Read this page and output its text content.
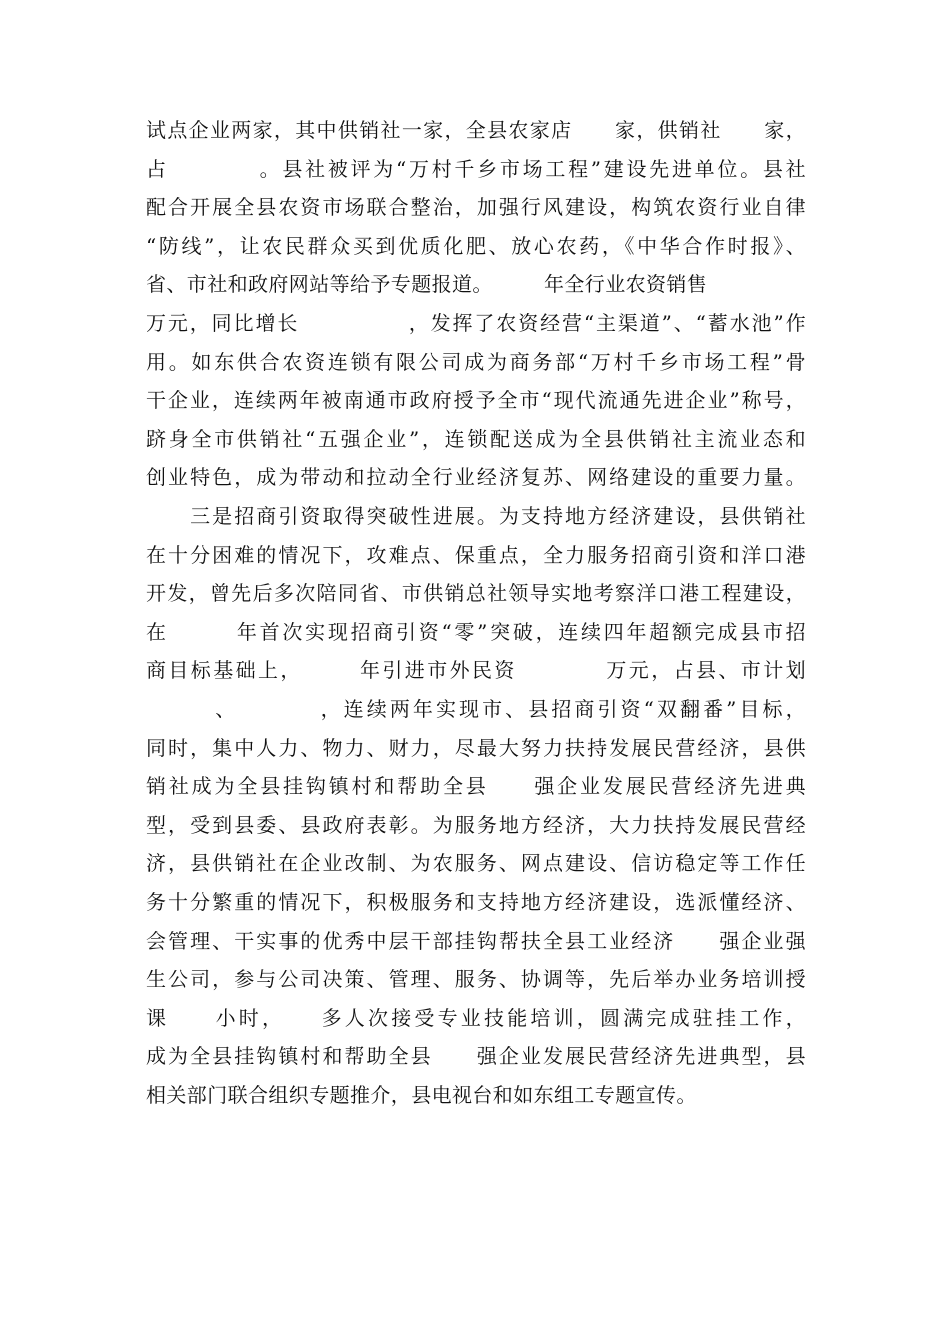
试点企业两家，其中供销社一家，全县农家店　　家，供销社　　家，
占　　　　。县社被评为“万村千乡市场工程”建设先进单位。县社
配合开展全县农资市场联合整治，加强行风建设，构筑农资行业自律
“防线”，让农民群众买到优质化肥、放心农药，《中华合作时报》、
省、市社和政府网站等给予专题报道。　　　年全行业农资销售
万元，同比增长　　　　　，发挥了农资经营“主渠道”、“蓄水池”作
用。如东供合农资连锁有限公司成为商务部“万村千乡市场工程”骨
干企业，连续两年被南通市政府授予全市“现代流通先进企业”称号，
跻身全市供销社“五强企业”，连锁配送成为全县供销社主流业态和
创业特色，成为带动和拉动全行业经济复苏、网络建设的重要力量。
　　三是招商引资取得突破性进展。为支持地方经济建设，县供销社
在十分困难的情况下，攻难点、保重点，全力服务招商引资和洋口港
开发，曾先后多次陪同省、市供销总社领导实地考察洋口港工程建设，
在　　　年首次实现招商引资“零”突破，连续四年超额完成县市招
商目标基础上，　　　年引进市外民资　　　　万元，占县、市计划
　　　、　　　　，连续两年实现市、县招商引资“双翻番”目标，
同时，集中人力、物力、财力，尽最大努力扶持发展民营经济，县供
销社成为全县挂钩镇村和帮助全县　　强企业发展民营经济先进典
型，受到县委、县政府表彰。为服务地方经济，大力扶持发展民营经
济，县供销社在企业改制、为农服务、网点建设、信访稳定等工作任
务十分繁重的情况下，积极服务和支持地方经济建设，选派懂经济、
会管理、干实事的优秀中层干部挂钩帮扶全县工业经济　　强企业强
生公司，参与公司决策、管理、服务、协调等，先后举办业务培训授
课　　小时，　　多人次接受专业技能培训，圆满完成驻挂工作，
成为全县挂钩镇村和帮助全县　　强企业发展民营经济先进典型，县
相关部门联合组织专题推介，县电视台和如东组工专题宣传。
